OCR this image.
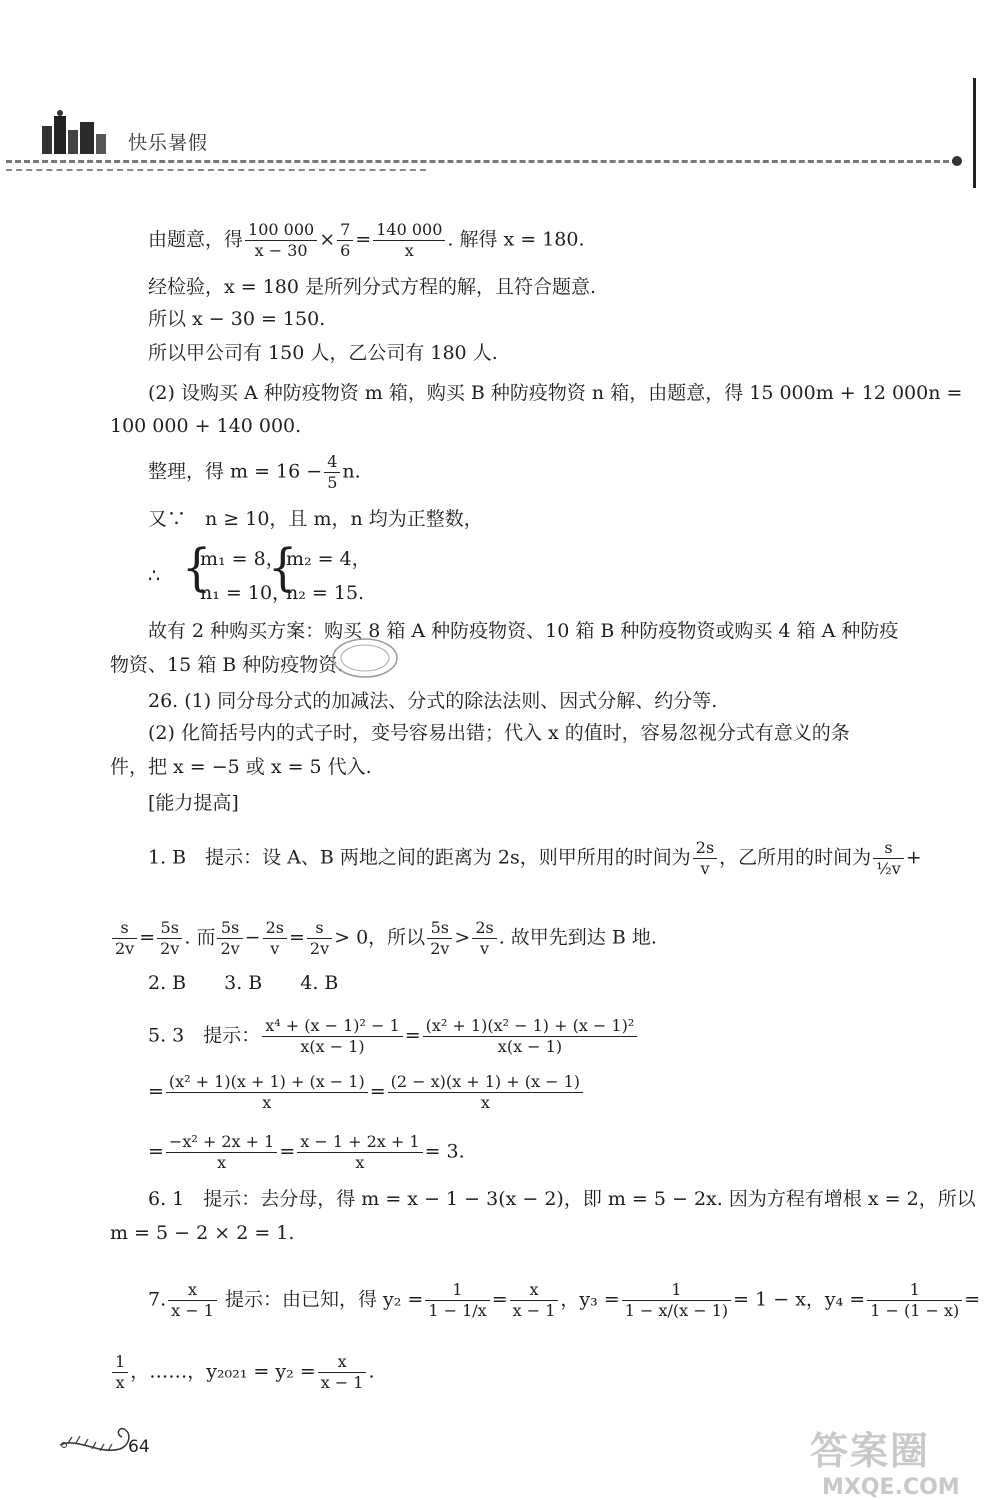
快乐暑假
由题意，得 $\frac{100 000}{x - 30} \times \frac{7}{6} = \frac{140 000}{x}$ . 解得 x = 180.
经检验，x = 180 是所列分式方程的解，且符合题意.
所以 x − 30 = 150.
所以甲公司有 150 人，乙公司有 180 人.
(2) 设购买 A 种防疫物资 m 箱，购买 B 种防疫物资 n 箱，由题意，得 15 000m + 12 000n =
100 000 + 140 000.
整理，得 $m = 16 - \frac{4}{5} n$.
又∵　n ≥ 10，且 m，n 均为正整数，
∴ {
m₁ = 8，
n₁ = 10，
{
m₂ = 4，
n₂ = 15.
故有 2 种购买方案：购买 8 箱 A 种防疫物资、10 箱 B 种防疫物资或购买 4 箱 A 种防疫
物资、15 箱 B 种防疫物资.
26. (1) 同分母分式的加减法、分式的除法法则、因式分解、约分等.
(2) 化简括号内的式子时，变号容易出错；代入 x 的值时，容易忽视分式有意义的条
件，把 x = −5 或 x = 5 代入.
[能力提高]
1. B　提示：设 A、B 两地之间的距离为 2s，则甲所用的时间为 $\frac{2s}{v}$ ，乙所用的时间为 $\frac{s}{\text{½v}}$ +
$\frac{s}{2v} = \frac{5s}{2v}$ . 而 $\frac{5s}{2v} - \frac{2s}{v} = \frac{s}{2v} > 0$，所以 $\frac{5s}{2v} > \frac{2s}{v}$ . 故甲先到达 B 地.
2. B　　3. B　　4. B
5. 3　提示： $\frac{\text{x⁴ + (x − 1)² − 1}}{x(x - 1)} = \frac{\text{(x² + 1)(x² − 1) + (x − 1)²}}{x(x - 1)}$
= $\frac{\text{(x² + 1)(x + 1) + (x − 1)}}{x} = \frac{(2 - x)(x + 1) + (x - 1)}{x}$
= $\frac{\text{−x² + 2x + 1}}{x} = \frac{x - 1 + 2x + 1}{x} = 3$.
6. 1　提示：去分母，得 m = x − 1 − 3(x − 2)，即 m = 5 − 2x. 因为方程有增根 x = 2，所以
m = 5 − 2 × 2 = 1.
7. $\frac{x}{x - 1}$ 提示：由已知，得 $y_2 = \frac{1}{1 - 1/x} = \frac{x}{x - 1}$ ，$y_3 = \frac{1}{1 - x/(x - 1)} = 1 - x$，$y_4 = \frac{1}{1 - (1 - x)}$ =
$\frac{1}{x}$ ，……，$y_{2021} = y_2 = \frac{x}{x - 1}$ .
64	答案圈
MXQE.COM
